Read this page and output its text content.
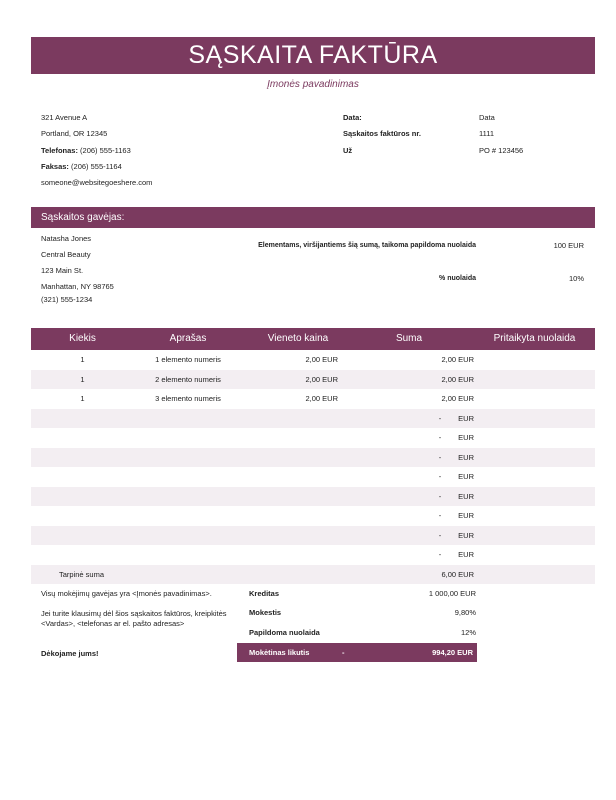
SĄSKAITA FAKTŪRA
Įmonės pavadinimas
321 Avenue A
Portland, OR 12345
Telefonas: (206) 555-1163
Faksas: (206) 555-1164
someone@websitegoeshere.com
Data:	Data
Sąskaitos faktūros nr.	1111
Už	PO # 123456
Sąskaitos gavėjas:
Natasha Jones
Central Beauty
123 Main St.
Manhattan, NY 98765
(321) 555-1234
Elementams, viršijantiems šią sumą, taikoma papildoma nuolaida	100 EUR
% nuolaida	10%
Kiekis	Aprašas	Vieneto kaina	Suma	Pritaikyta nuolaida
1	1 elemento numeris	2,00 EUR	2,00 EUR
1	2 elemento numeris	2,00 EUR	2,00 EUR
1	3 elemento numeris	2,00 EUR	2,00 EUR
-	EUR
-	EUR
-	EUR
-	EUR
-	EUR
-	EUR
-	EUR
-	EUR
Tarpinė suma	6,00 EUR
Kreditas	1 000,00 EUR
Mokestis	9,80%
Papildoma nuolaida	12%
Mokėtinas likutis	-	994,20 EUR
Visų mokėjimų gavėjas yra <Įmonės pavadinimas>.
Jei turite klausimų dėl šios sąskaitos faktūros, kreipkitės
<Vardas>, <telefonas ar el. pašto adresas>
Dėkojame jums!
